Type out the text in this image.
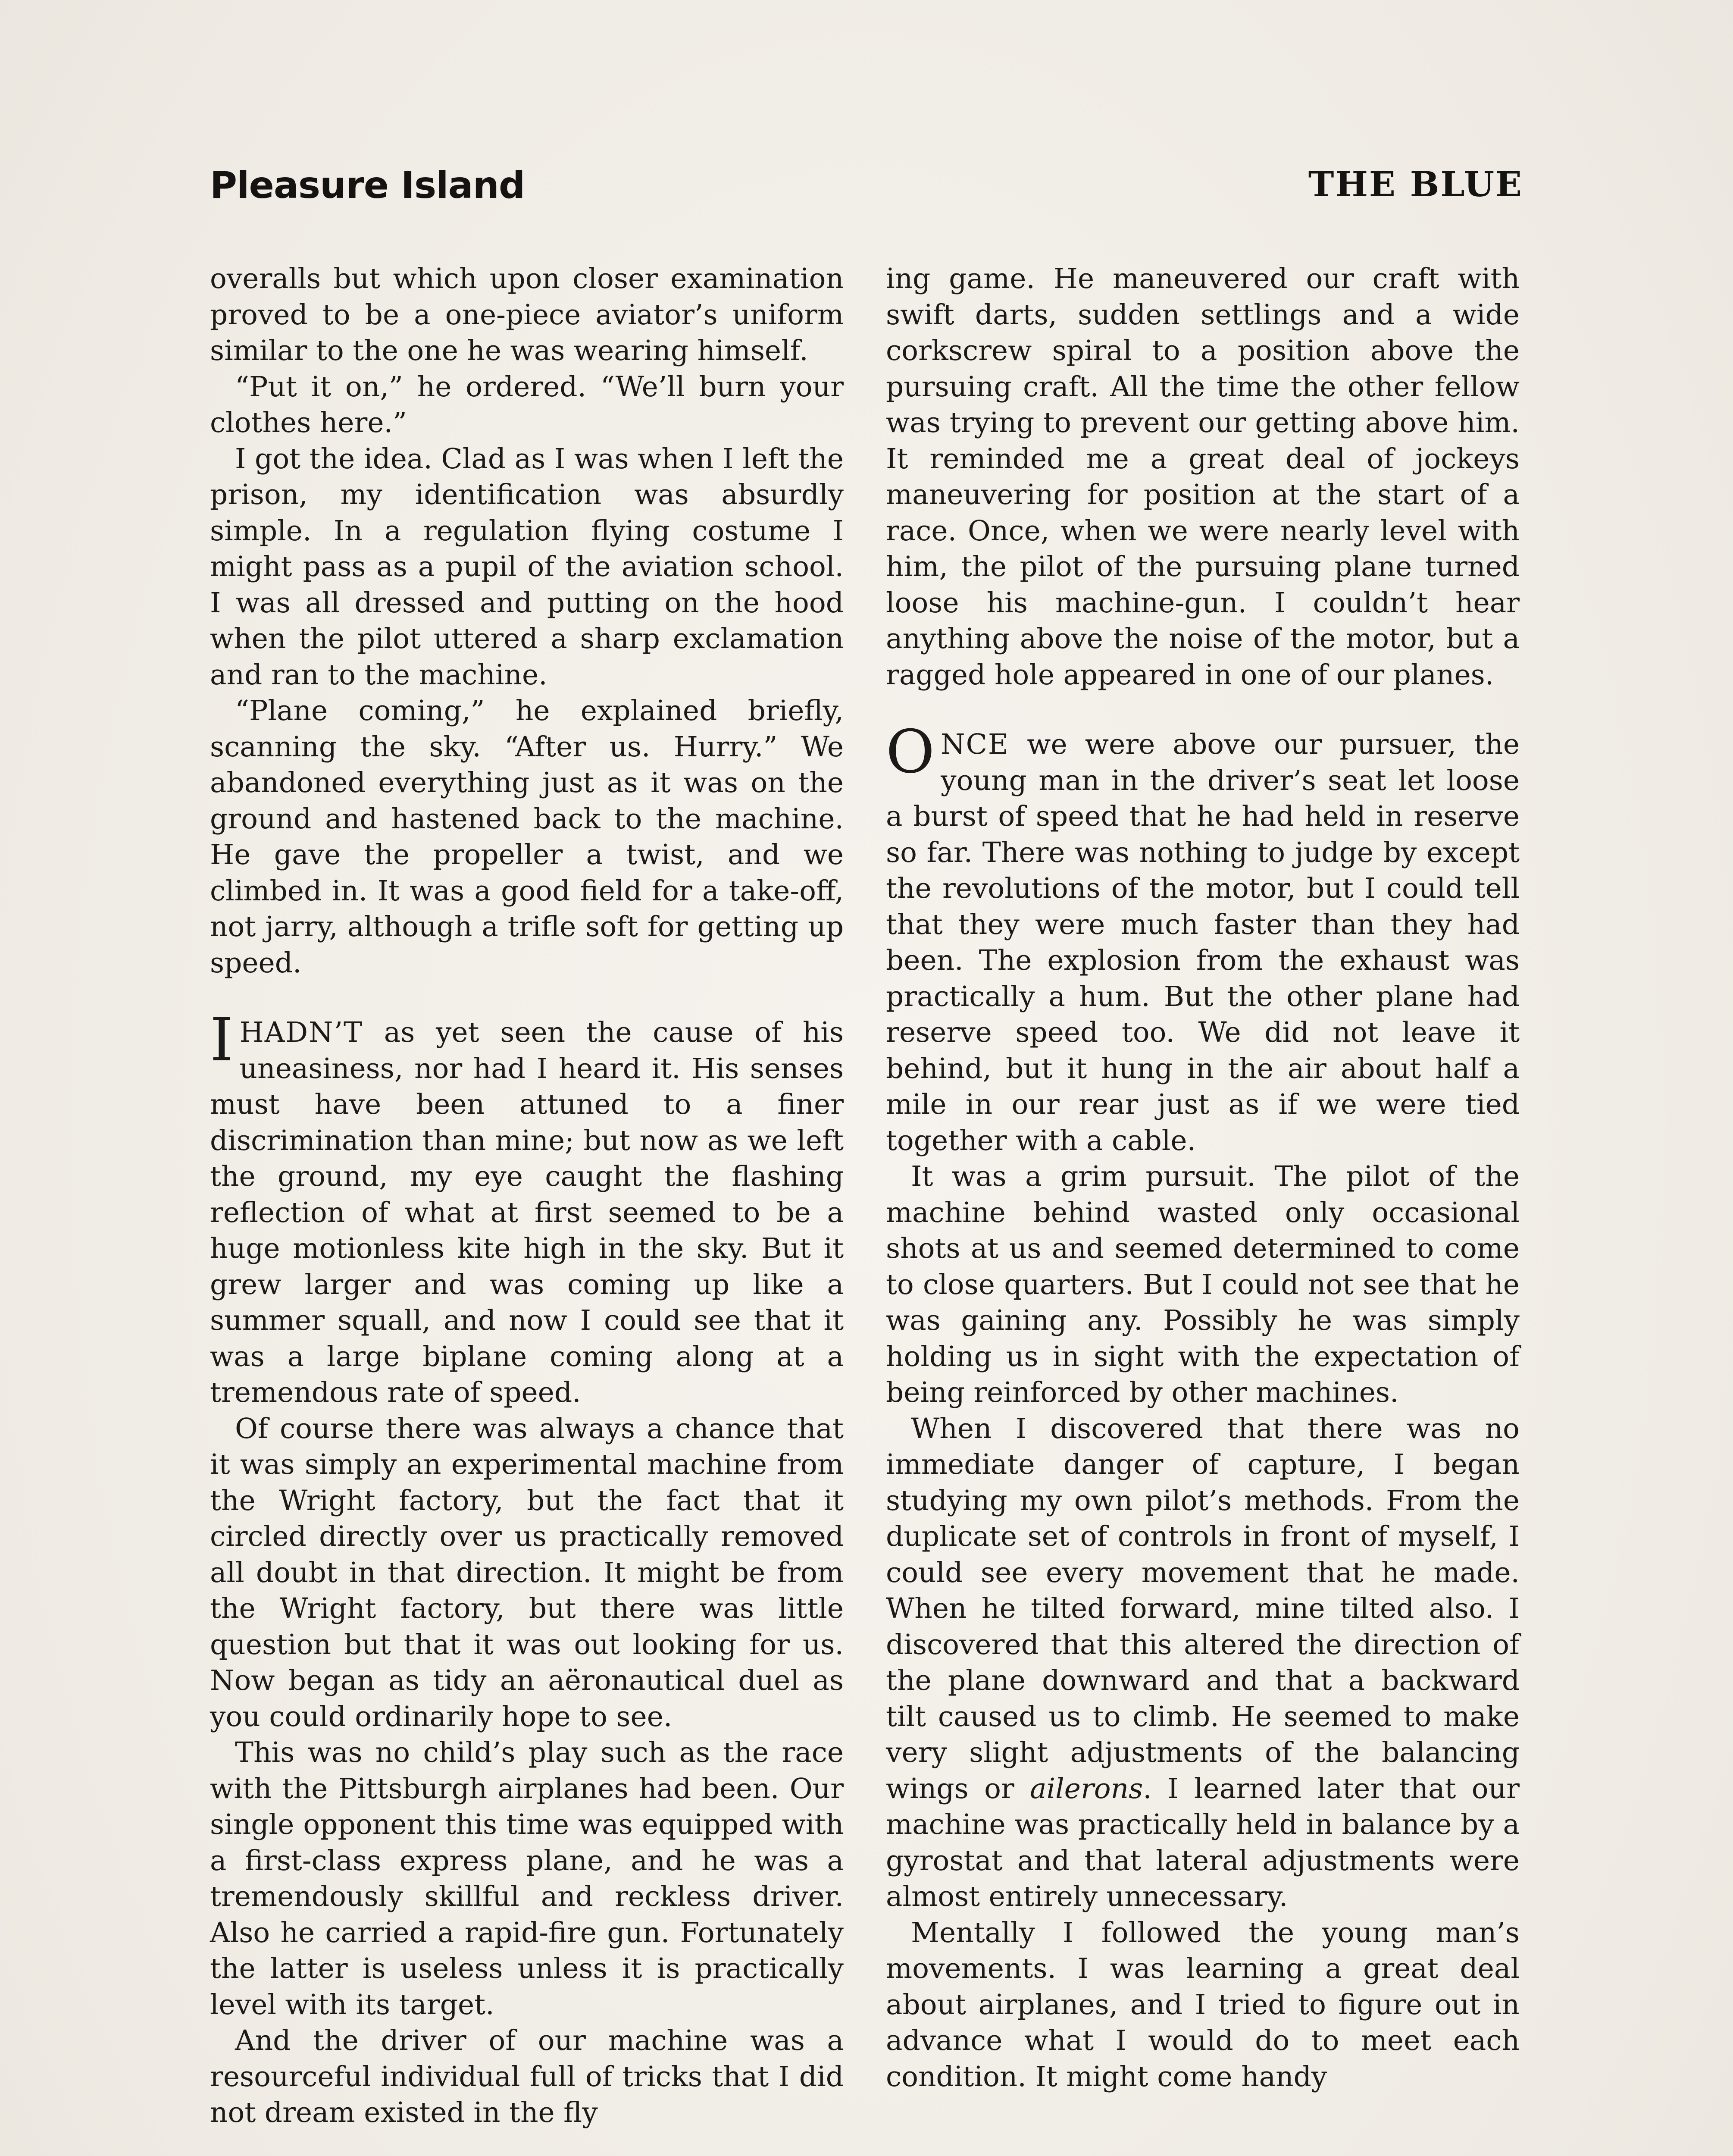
Pleasure Island	THE BLUE

overalls but which upon closer examination proved to be a one-piece aviator’s uniform similar to the one he was wearing himself.

“Put it on,” he ordered. “We’ll burn your clothes here.”

I got the idea. Clad as I was when I left the prison, my identification was absurdly simple. In a regulation flying costume I might pass as a pupil of the aviation school. I was all dressed and putting on the hood when the pilot uttered a sharp exclamation and ran to the machine.

“Plane coming,” he explained briefly, scanning the sky. “After us. Hurry.” We abandoned everything just as it was on the ground and hastened back to the machine. He gave the propeller a twist, and we climbed in. It was a good field for a take-off, not jarry, although a trifle soft for getting up speed.

IHADN’T as yet seen the cause of his uneasiness, nor had I heard it. His senses must have been attuned to a finer discrimination than mine; but now as we left the ground, my eye caught the flashing reflection of what at first seemed to be a huge motionless kite high in the sky. But it grew larger and was coming up like a summer squall, and now I could see that it was a large biplane coming along at a tremendous rate of speed.

Of course there was always a chance that it was simply an experimental machine from the Wright factory, but the fact that it circled directly over us practically removed all doubt in that direction. It might be from the Wright factory, but there was little question but that it was out looking for us. Now began as tidy an aëronautical duel as you could ordinarily hope to see.

This was no child’s play such as the race with the Pittsburgh airplanes had been. Our single opponent this time was equipped with a first-class express plane, and he was a tremendously skillful and reckless driver. Also he carried a rapid-fire gun. Fortunately the latter is useless unless it is practically level with its target.

And the driver of our machine was a resourceful individual full of tricks that I did not dream existed in the fly

ing game. He maneuvered our craft with swift darts, sudden settlings and a wide corkscrew spiral to a position above the pursuing craft. All the time the other fellow was trying to prevent our getting above him. It reminded me a great deal of jockeys maneuvering for position at the start of a race. Once, when we were nearly level with him, the pilot of the pursuing plane turned loose his machine-gun. I couldn’t hear anything above the noise of the motor, but a ragged hole appeared in one of our planes.

ONCE we were above our pursuer, the young man in the driver’s seat let loose a burst of speed that he had held in reserve so far. There was nothing to judge by except the revolutions of the motor, but I could tell that they were much faster than they had been. The explosion from the exhaust was practically a hum. But the other plane had reserve speed too. We did not leave it behind, but it hung in the air about half a mile in our rear just as if we were tied together with a cable.

It was a grim pursuit. The pilot of the machine behind wasted only occasional shots at us and seemed determined to come to close quarters. But I could not see that he was gaining any. Possibly he was simply holding us in sight with the expectation of being reinforced by other machines.

When I discovered that there was no immediate danger of capture, I began studying my own pilot’s methods. From the duplicate set of controls in front of myself, I could see every movement that he made. When he tilted forward, mine tilted also. I discovered that this altered the direction of the plane downward and that a backward tilt caused us to climb. He seemed to make very slight adjustments of the balancing wings or ailerons. I learned later that our machine was practically held in balance by a gyrostat and that lateral adjustments were almost entirely unnecessary.

Mentally I followed the young man’s movements. I was learning a great deal about airplanes, and I tried to figure out in advance what I would do to meet each condition. It might come handy
